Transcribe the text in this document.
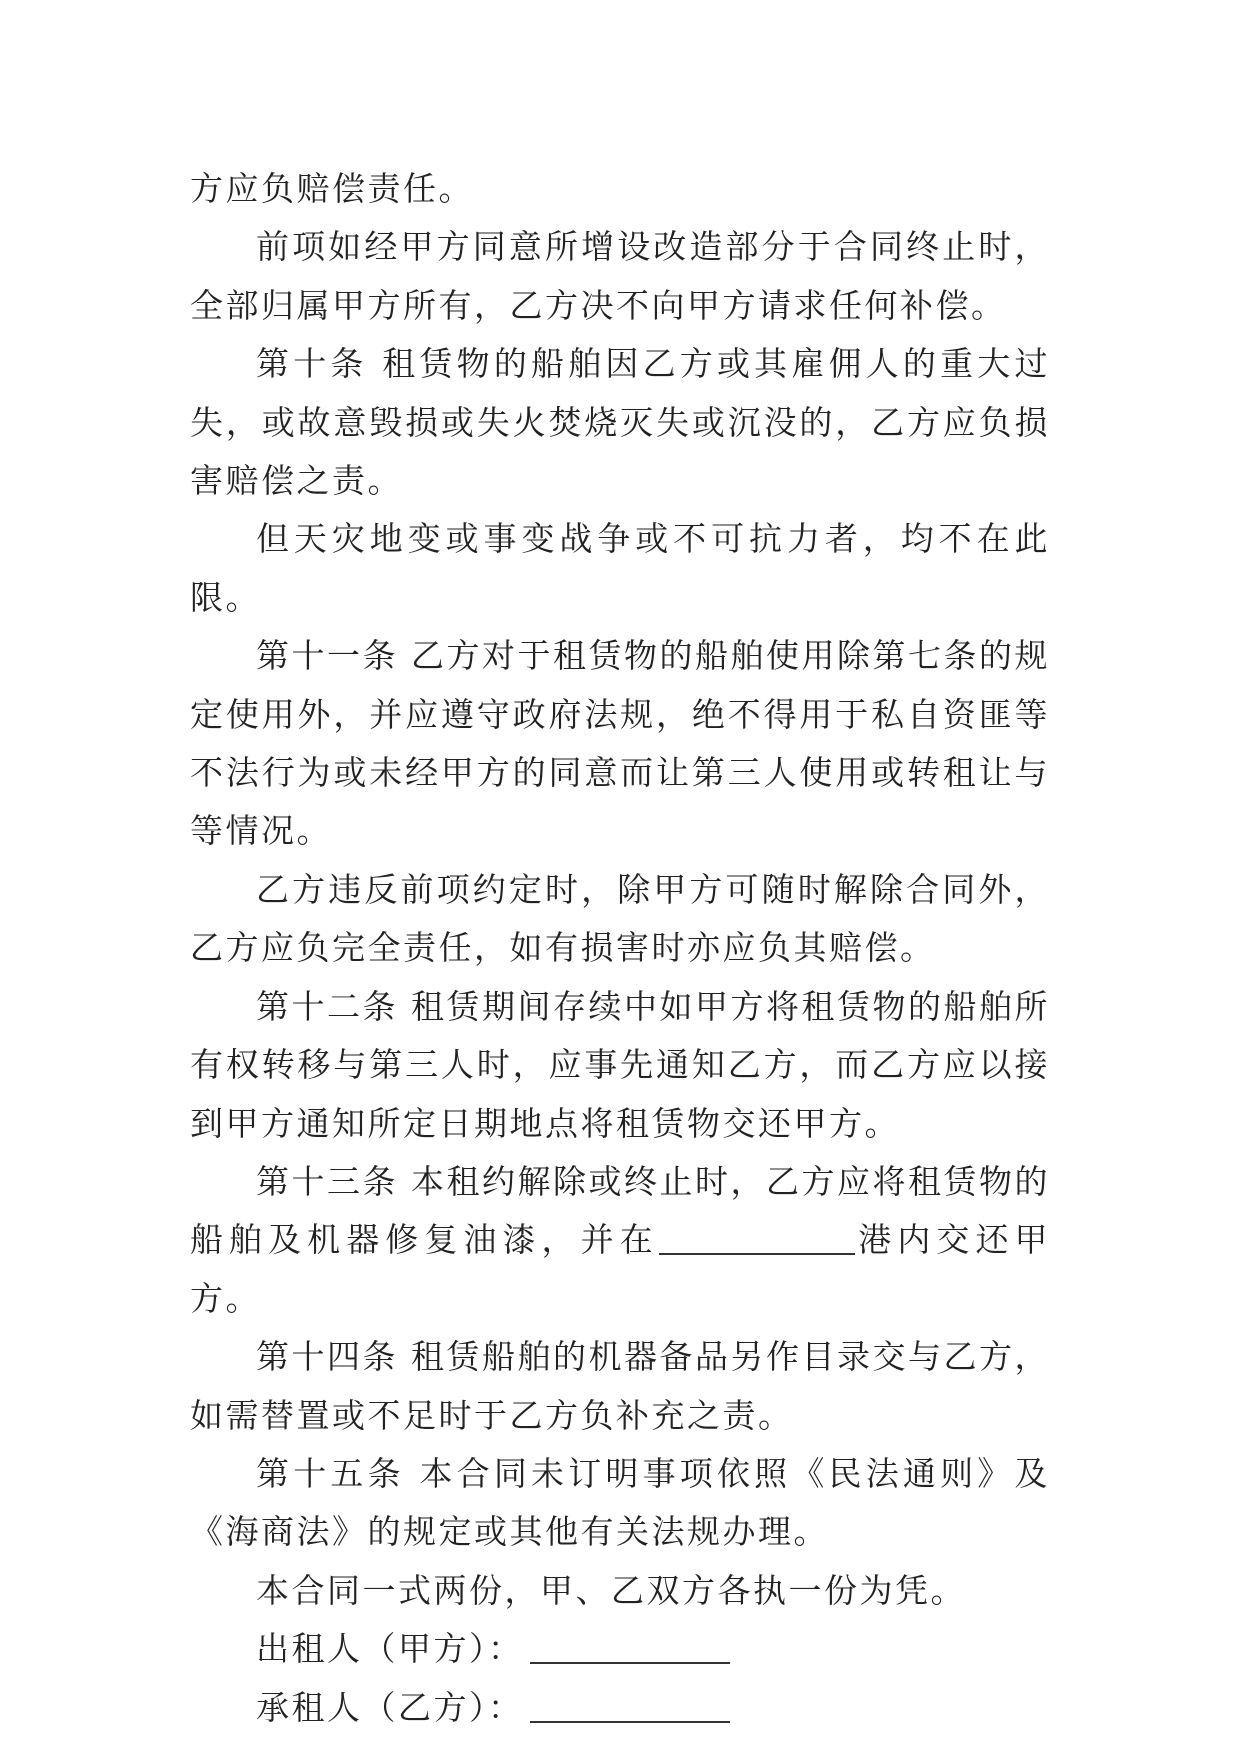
方应负赔偿责任。

前项如经甲方同意所增设改造部分于合同终止时，全部归属甲方所有，乙方决不向甲方请求任何补偿。

第十条 租赁物的船舶因乙方或其雇佣人的重大过失，或故意毁损或失火焚烧灭失或沉没的，乙方应负损害赔偿之责。

但天灾地变或事变战争或不可抗力者，均不在此限。

第十一条 乙方对于租赁物的船舶使用除第七条的规定使用外，并应遵守政府法规，绝不得用于私自资匪等不法行为或未经甲方的同意而让第三人使用或转租让与等情况。

乙方违反前项约定时，除甲方可随时解除合同外，乙方应负完全责任，如有损害时亦应负其赔偿。

第十二条 租赁期间存续中如甲方将租赁物的船舶所有权转移与第三人时，应事先通知乙方，而乙方应以接到甲方通知所定日期地点将租赁物交还甲方。

第十三条 本租约解除或终止时，乙方应将租赁物的船舶及机器修复油漆，并在	港内交还甲方。

第十四条 租赁船舶的机器备品另作目录交与乙方，如需替置或不足时于乙方负补充之责。

第十五条 本合同未订明事项依照《民法通则》及《海商法》的规定或其他有关法规办理。

本合同一式两份，甲、乙双方各执一份为凭。

出租人（甲方）：

承租人（乙方）：
